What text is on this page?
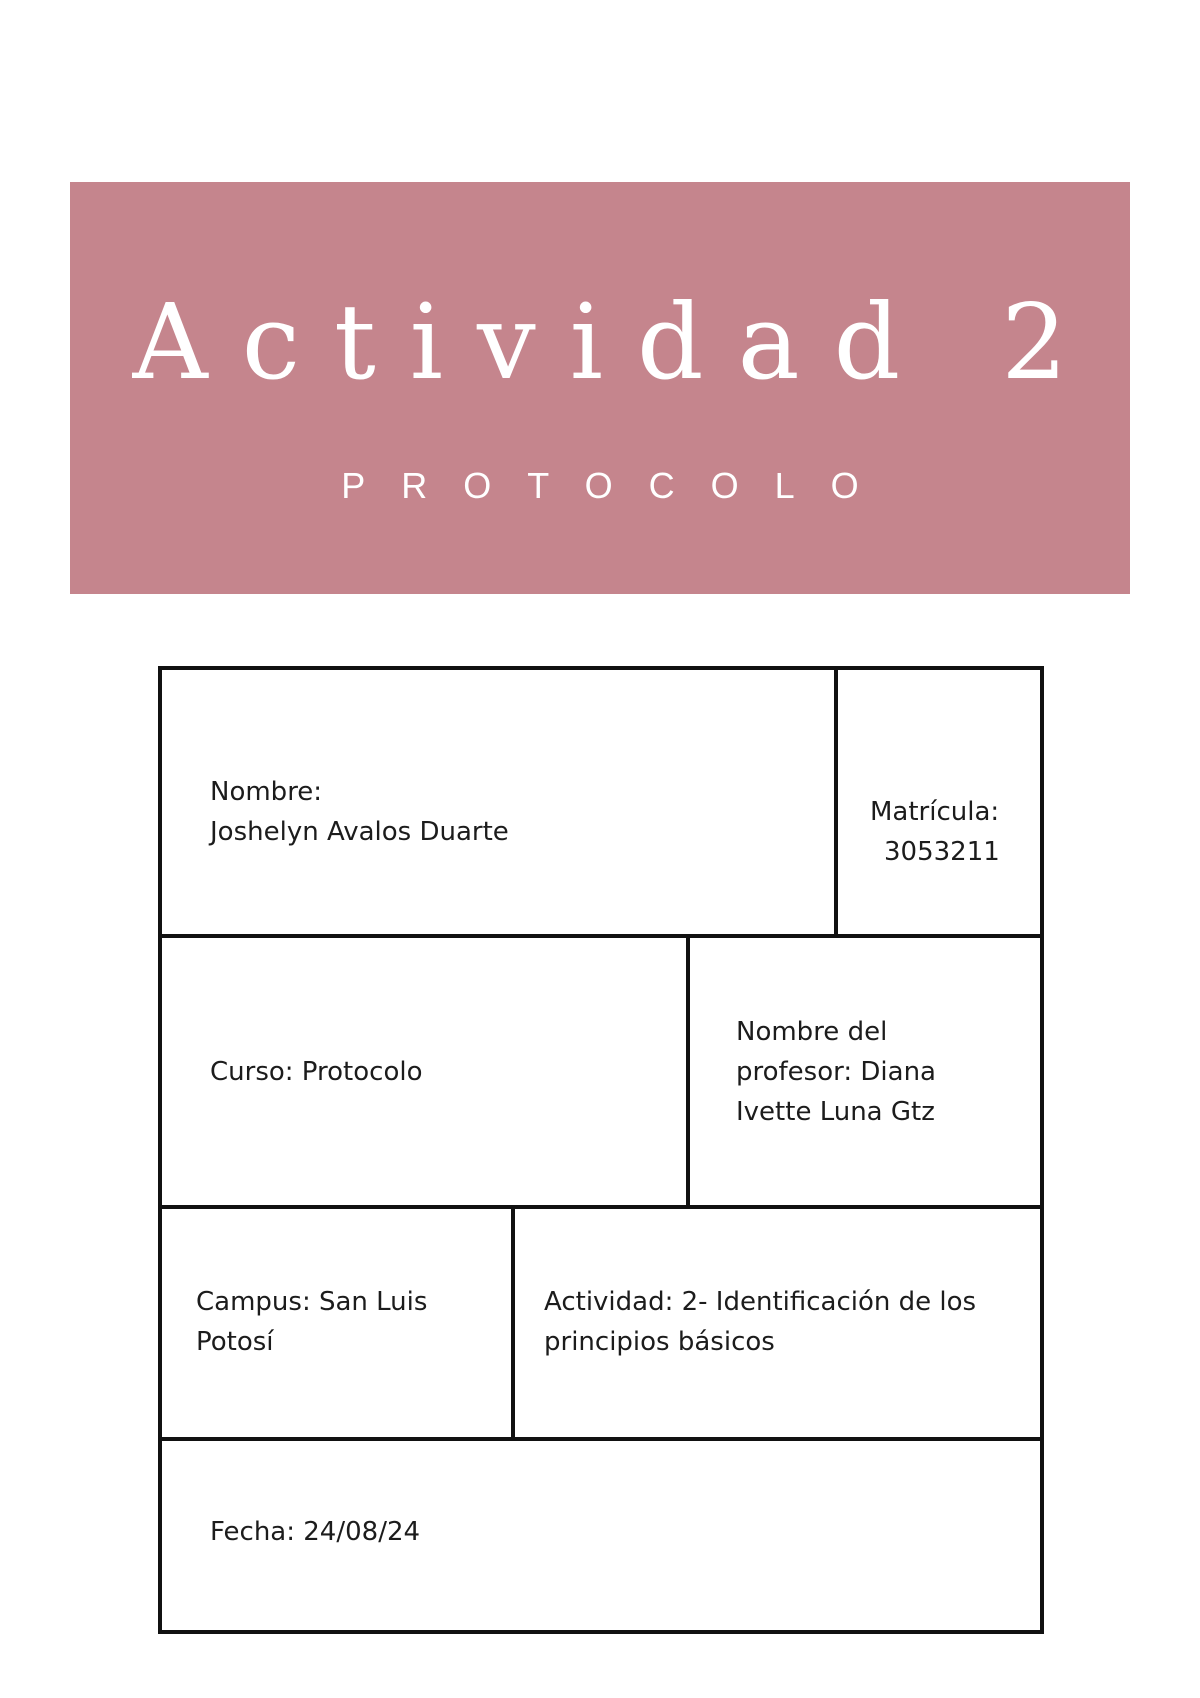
Actividad 2
PROTOCOLO
Nombre:
Joshelyn Avalos Duarte
Matrícula:
3053211
Curso: Protocolo
Nombre del
profesor: Diana
Ivette Luna Gtz
Campus: San Luis
Potosí
Actividad: 2- Identificación de los
principios básicos
Fecha: 24/08/24
